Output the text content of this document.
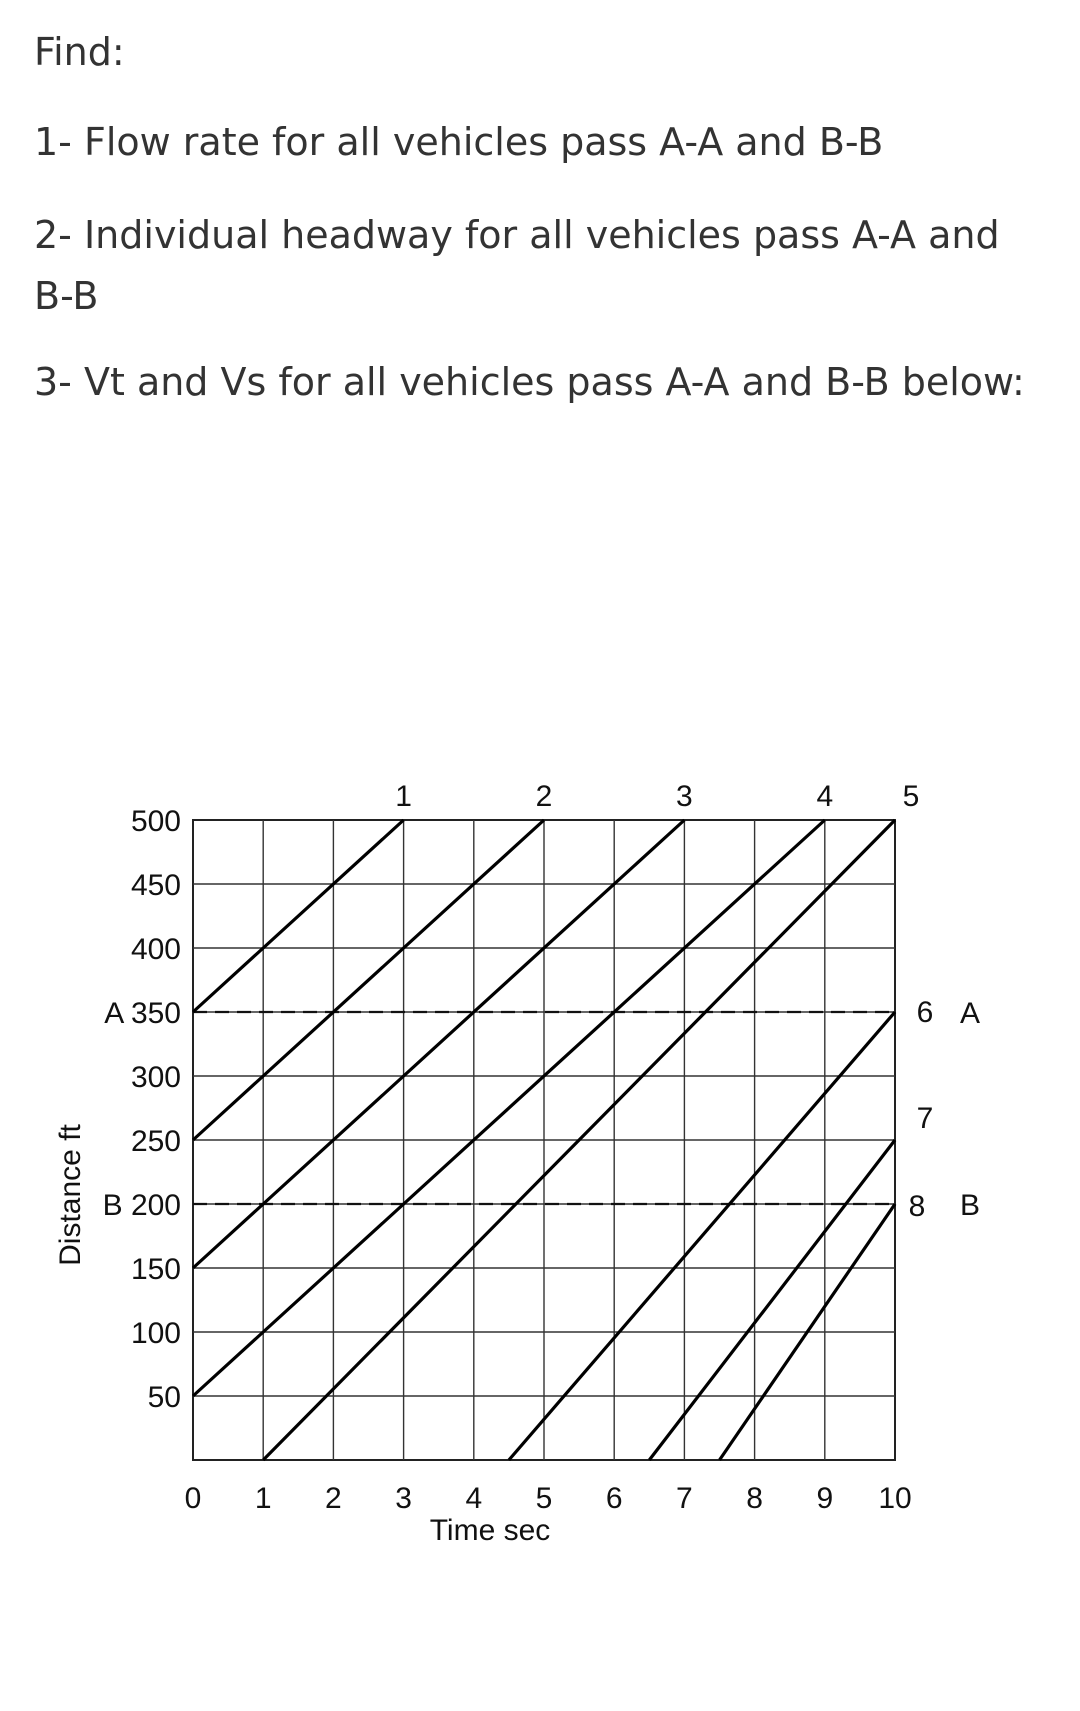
Find:
1- Flow rate for all vehicles pass A-A and B-B
2- Individual headway for all vehicles pass A-A and B-B
3- Vt and Vs for all vehicles pass A-A and B-B below:
A
B
1	2	3	4 5
6
7
8
0 1 2 3 4 5 6 7 8 9 10
50
100
150
B 200
250
300
A 350
400
450
500
Time sec
Distance ft
